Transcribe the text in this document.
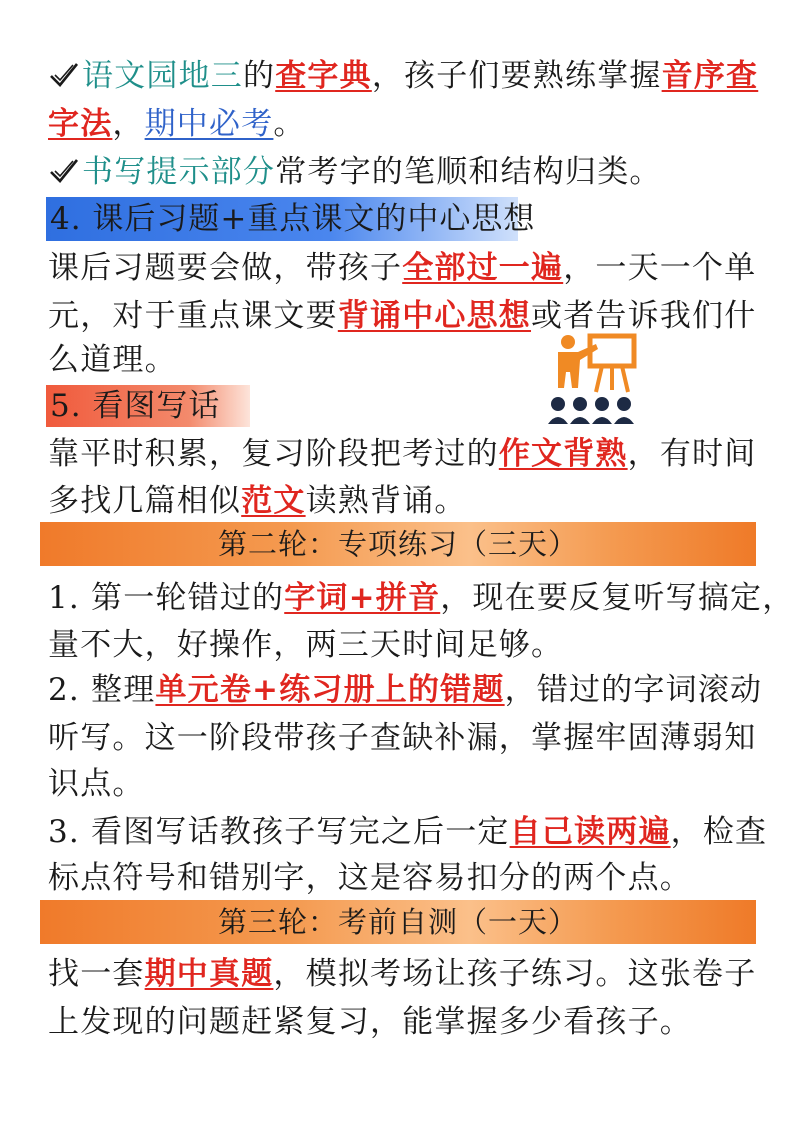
语文园地三的查字典，孩子们要熟练掌握音序查
字法，期中必考。
书写提示部分常考字的笔顺和结构归类。
4. 课后习题+重点课文的中心思想
课后习题要会做，带孩子全部过一遍，一天一个单
元，对于重点课文要背诵中心思想或者告诉我们什
么道理。
5. 看图写话
靠平时积累，复习阶段把考过的作文背熟，有时间
多找几篇相似范文读熟背诵。
第二轮：专项练习（三天）
1. 第一轮错过的字词+拼音，现在要反复听写搞定，
量不大，好操作，两三天时间足够。
2. 整理单元卷+练习册上的错题，错过的字词滚动
听写。这一阶段带孩子查缺补漏，掌握牢固薄弱知
识点。
3. 看图写话教孩子写完之后一定自己读两遍，检查
标点符号和错别字，这是容易扣分的两个点。
第三轮：考前自测（一天）
找一套期中真题，模拟考场让孩子练习。这张卷子
上发现的问题赶紧复习，能掌握多少看孩子。
